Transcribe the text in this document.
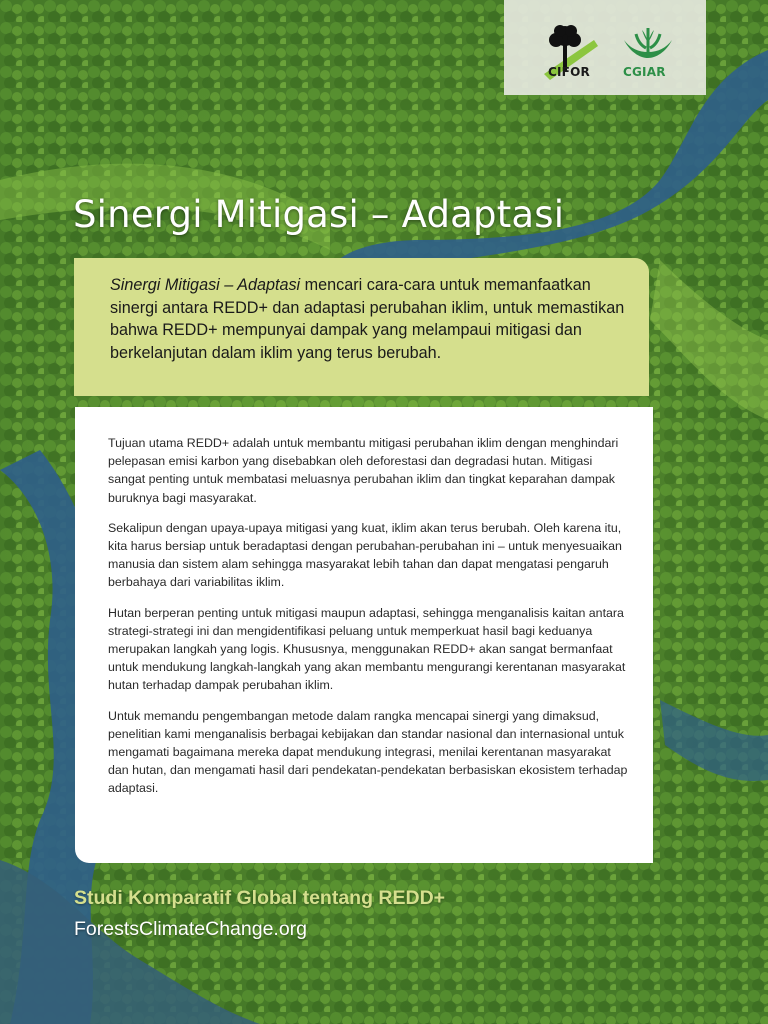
CIFOR	CGIAR
Sinergi Mitigasi – Adaptasi

Sinergi Mitigasi – Adaptasi mencari cara-cara untuk memanfaatkan sinergi antara REDD+ dan adaptasi perubahan iklim, untuk memastikan bahwa REDD+ mempunyai dampak yang melampaui mitigasi dan berkelanjutan dalam iklim yang terus berubah.

Tujuan utama REDD+ adalah untuk membantu mitigasi perubahan iklim dengan menghindari pelepasan emisi karbon yang disebabkan oleh deforestasi dan degradasi hutan. Mitigasi sangat penting untuk membatasi meluasnya perubahan iklim dan tingkat keparahan dampak buruknya bagi masyarakat.

Sekalipun dengan upaya-upaya mitigasi yang kuat, iklim akan terus berubah. Oleh karena itu, kita harus bersiap untuk beradaptasi dengan perubahan-perubahan ini – untuk menyesuaikan manusia dan sistem alam sehingga masyarakat lebih tahan dan dapat mengatasi pengaruh berbahaya dari variabilitas iklim.

Hutan berperan penting untuk mitigasi maupun adaptasi, sehingga menganalisis kaitan antara strategi-strategi ini dan mengidentifikasi peluang untuk memperkuat hasil bagi keduanya merupakan langkah yang logis. Khususnya, menggunakan REDD+ akan sangat bermanfaat untuk mendukung langkah-langkah yang akan membantu mengurangi kerentanan masyarakat hutan terhadap dampak perubahan iklim.

Untuk memandu pengembangan metode dalam rangka mencapai sinergi yang dimaksud, penelitian kami menganalisis berbagai kebijakan dan standar nasional dan internasional untuk mengamati bagaimana mereka dapat mendukung integrasi, menilai kerentanan masyarakat dan hutan, dan mengamati hasil dari pendekatan-pendekatan berbasiskan ekosistem terhadap adaptasi.

Studi Komparatif Global tentang REDD+
ForestsClimateChange.org
